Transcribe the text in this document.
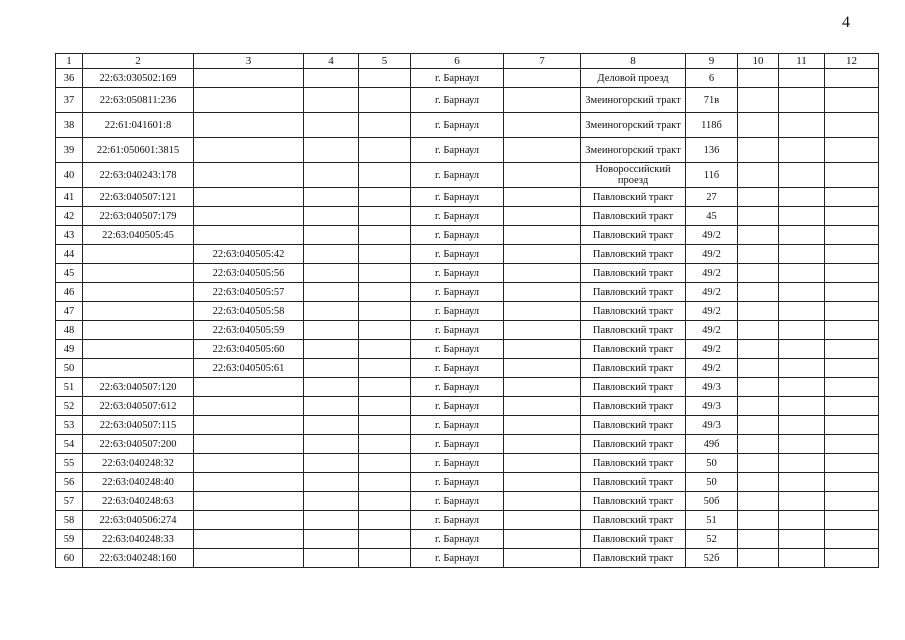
4
1	2	3	4	5	6	7	8	9	10	11	12
36	22:63:030502:169				г. Барнаул		Деловой проезд	6			
37	22:63:050811:236				г. Барнаул		Змеиногорский тракт	71в			
38	22:61:041601:8				г. Барнаул		Змеиногорский тракт	118б			
39	22:61:050601:3815				г. Барнаул		Змеиногорский тракт	136			
40	22:63:040243:178				г. Барнаул		Новороссийский проезд	11б			
41	22:63:040507:121				г. Барнаул		Павловский тракт	27			
42	22:63:040507:179				г. Барнаул		Павловский тракт	45			
43	22:63:040505:45				г. Барнаул		Павловский тракт	49/2			
44		22:63:040505:42			г. Барнаул		Павловский тракт	49/2			
45		22:63:040505:56			г. Барнаул		Павловский тракт	49/2			
46		22:63:040505:57			г. Барнаул		Павловский тракт	49/2			
47		22:63:040505:58			г. Барнаул		Павловский тракт	49/2			
48		22:63:040505:59			г. Барнаул		Павловский тракт	49/2			
49		22:63:040505:60			г. Барнаул		Павловский тракт	49/2			
50		22:63:040505:61			г. Барнаул		Павловский тракт	49/2			
51	22:63:040507:120				г. Барнаул		Павловский тракт	49/3			
52	22:63:040507:612				г. Барнаул		Павловский тракт	49/3			
53	22:63:040507:115				г. Барнаул		Павловский тракт	49/3			
54	22:63:040507:200				г. Барнаул		Павловский тракт	49б			
55	22:63:040248:32				г. Барнаул		Павловский тракт	50			
56	22:63:040248:40				г. Барнаул		Павловский тракт	50			
57	22:63:040248:63				г. Барнаул		Павловский тракт	50б			
58	22:63:040506:274				г. Барнаул		Павловский тракт	51			
59	22:63:040248:33				г. Барнаул		Павловский тракт	52			
60	22:63:040248:160				г. Барнаул		Павловский тракт	52б			
